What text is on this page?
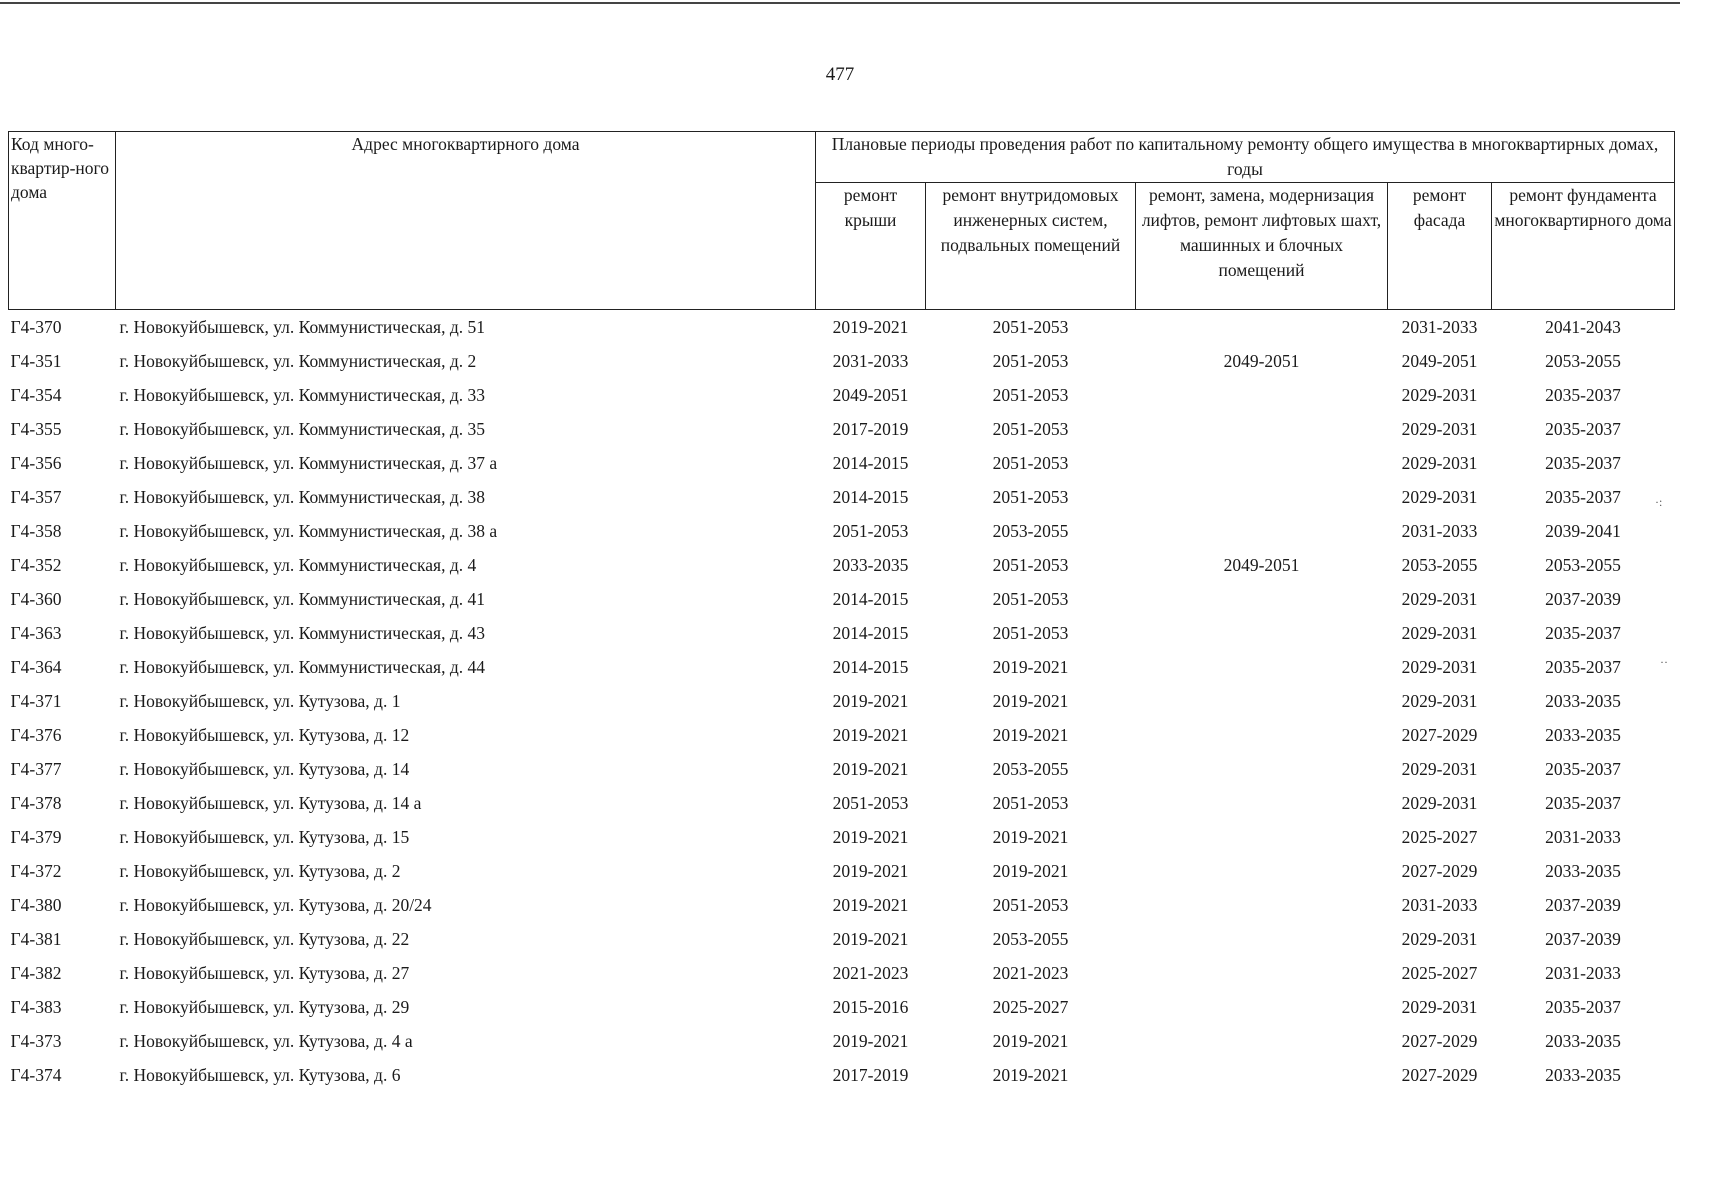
477
Код много-квартир-ного дома	Адрес многоквартирного дома	Плановые периоды проведения работ по капитальному ремонту общего имущества в многоквартирных домах, годы				
		ремонт крыши	ремонт внутридомовых инженерных систем, подвальных помещений	ремонт, замена, модернизация лифтов, ремонт лифтовых шахт, машинных и блочных помещений	ремонт фасада	ремонт фундамента многоквартирного дома
Г4-370	г. Новокуйбышевск, ул. Коммунистическая, д. 51	2019-2021	2051-2053		2031-2033	2041-2043
Г4-351	г. Новокуйбышевск, ул. Коммунистическая, д. 2	2031-2033	2051-2053	2049-2051	2049-2051	2053-2055
Г4-354	г. Новокуйбышевск, ул. Коммунистическая, д. 33	2049-2051	2051-2053		2029-2031	2035-2037
Г4-355	г. Новокуйбышевск, ул. Коммунистическая, д. 35	2017-2019	2051-2053		2029-2031	2035-2037
Г4-356	г. Новокуйбышевск, ул. Коммунистическая, д. 37 а	2014-2015	2051-2053		2029-2031	2035-2037
Г4-357	г. Новокуйбышевск, ул. Коммунистическая, д. 38	2014-2015	2051-2053		2029-2031	2035-2037
Г4-358	г. Новокуйбышевск, ул. Коммунистическая, д. 38 а	2051-2053	2053-2055		2031-2033	2039-2041
Г4-352	г. Новокуйбышевск, ул. Коммунистическая, д. 4	2033-2035	2051-2053	2049-2051	2053-2055	2053-2055
Г4-360	г. Новокуйбышевск, ул. Коммунистическая, д. 41	2014-2015	2051-2053		2029-2031	2037-2039
Г4-363	г. Новокуйбышевск, ул. Коммунистическая, д. 43	2014-2015	2051-2053		2029-2031	2035-2037
Г4-364	г. Новокуйбышевск, ул. Коммунистическая, д. 44	2014-2015	2019-2021		2029-2031	2035-2037
Г4-371	г. Новокуйбышевск, ул. Кутузова, д. 1	2019-2021	2019-2021		2029-2031	2033-2035
Г4-376	г. Новокуйбышевск, ул. Кутузова, д. 12	2019-2021	2019-2021		2027-2029	2033-2035
Г4-377	г. Новокуйбышевск, ул. Кутузова, д. 14	2019-2021	2053-2055		2029-2031	2035-2037
Г4-378	г. Новокуйбышевск, ул. Кутузова, д. 14 а	2051-2053	2051-2053		2029-2031	2035-2037
Г4-379	г. Новокуйбышевск, ул. Кутузова, д. 15	2019-2021	2019-2021		2025-2027	2031-2033
Г4-372	г. Новокуйбышевск, ул. Кутузова, д. 2	2019-2021	2019-2021		2027-2029	2033-2035
Г4-380	г. Новокуйбышевск, ул. Кутузова, д. 20/24	2019-2021	2051-2053		2031-2033	2037-2039
Г4-381	г. Новокуйбышевск, ул. Кутузова, д. 22	2019-2021	2053-2055		2029-2031	2037-2039
Г4-382	г. Новокуйбышевск, ул. Кутузова, д. 27	2021-2023	2021-2023		2025-2027	2031-2033
Г4-383	г. Новокуйбышевск, ул. Кутузова, д. 29	2015-2016	2025-2027		2029-2031	2035-2037
Г4-373	г. Новокуйбышевск, ул. Кутузова, д. 4 а	2019-2021	2019-2021		2027-2029	2033-2035
Г4-374	г. Новокуйбышевск, ул. Кутузова, д. 6	2017-2019	2019-2021		2027-2029	2033-2035
·:
··
